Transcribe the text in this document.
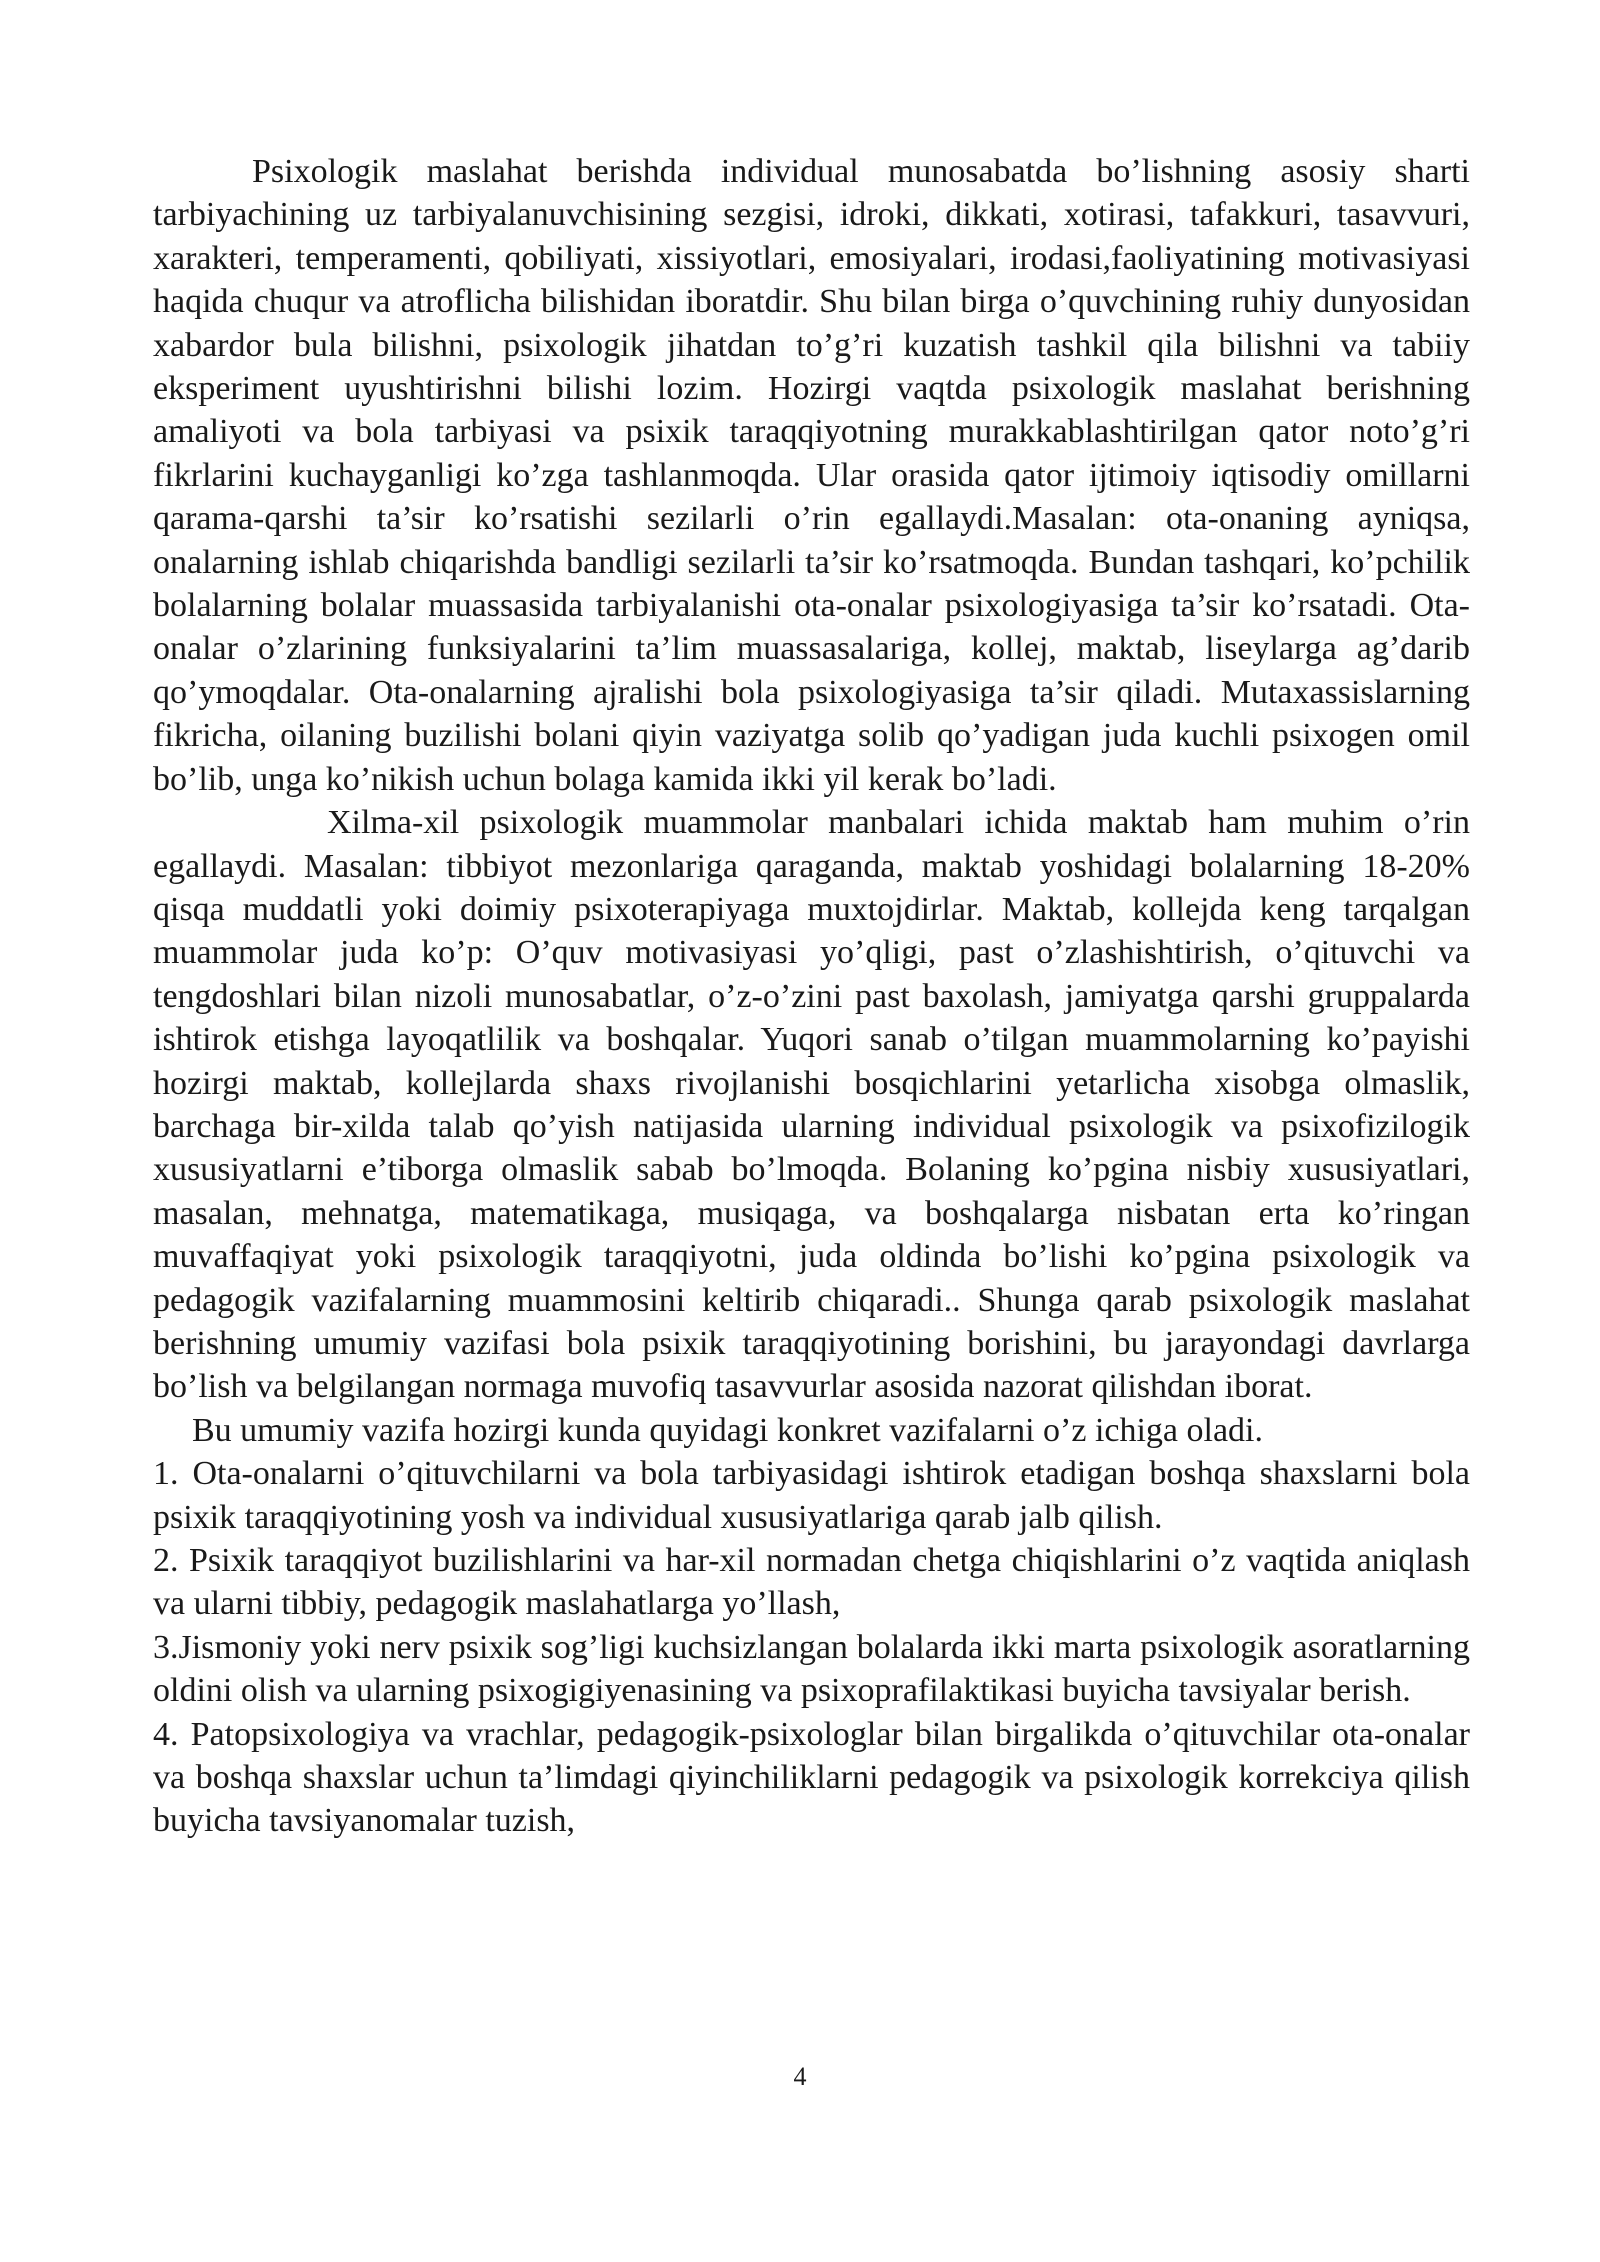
Psixologik maslahat berishda individual munosabatda bo’lishning asosiy sharti tarbiyachining uz tarbiyalanuvchisining sezgisi, idroki, dikkati, xotirasi, tafakkuri, tasavvuri, xarakteri, temperamenti, qobiliyati, xissiyotlari, emosiyalari, irodasi,faoliyatining motivasiyasi haqida chuqur va atroflicha bilishidan iboratdir. Shu bilan birga o’quvchining ruhiy dunyosidan xabardor bula bilishni, psixologik jihatdan to’g’ri kuzatish tashkil qila bilishni va tabiiy eksperiment uyushtirishni bilishi lozim. Hozirgi vaqtda psixologik maslahat berishning amaliyoti va bola tarbiyasi va psixik taraqqiyotning murakkablashtirilgan qator noto’g’ri fikrlarini kuchayganligi ko’zga tashlanmoqda. Ular orasida qator ijtimoiy iqtisodiy omillarni qarama-qarshi ta’sir ko’rsatishi sezilarli o’rin egallaydi.Masalan: ota-onaning ayniqsa, onalarning ishlab chiqarishda bandligi sezilarli ta’sir ko’rsatmoqda. Bundan tashqari, ko’pchilik bolalarning bolalar muassasida tarbiyalanishi ota-onalar psixologiyasiga ta’sir ko’rsatadi. Ota-onalar o’zlarining funksiyalarini ta’lim muassasalariga, kollej, maktab, liseylarga ag’darib qo’ymoqdalar. Ota-onalarning ajralishi bola psixologiyasiga ta’sir qiladi. Mutaxassislarning fikricha, oilaning buzilishi bolani qiyin vaziyatga solib qo’yadigan juda kuchli psixogen omil bo’lib, unga ko’nikish uchun bolaga kamida ikki yil kerak bo’ladi.

Xilma-xil psixologik muammolar manbalari ichida maktab ham muhim o’rin egallaydi. Masalan: tibbiyot mezonlariga qaraganda, maktab yoshidagi bolalarning 18-20% qisqa muddatli yoki doimiy psixoterapiyaga muxtojdirlar. Maktab, kollejda keng tarqalgan muammolar juda ko’p: O’quv motivasiyasi yo’qligi, past o’zlashishtirish, o’qituvchi va tengdoshlari bilan nizoli munosabatlar, o’z-o’zini past baxolash, jamiyatga qarshi gruppalarda ishtirok etishga layoqatlilik va boshqalar. Yuqori sanab o’tilgan muammolarning ko’payishi hozirgi maktab, kollejlarda shaxs rivojlanishi bosqichlarini yetarlicha xisobga olmaslik, barchaga bir-xilda talab qo’yish natijasida ularning individual psixologik va psixofizilogik xususiyatlarni e’tiborga olmaslik sabab bo’lmoqda. Bolaning ko’pgina nisbiy xususiyatlari, masalan, mehnatga, matematikaga, musiqaga, va boshqalarga nisbatan erta ko’ringan muvaffaqiyat yoki psixologik taraqqiyotni, juda oldinda bo’lishi ko’pgina psixologik va pedagogik vazifalarning muammosini keltirib chiqaradi.. Shunga qarab psixologik maslahat berishning umumiy vazifasi bola psixik taraqqiyotining borishini, bu jarayondagi davrlarga bo’lish va belgilangan normaga muvofiq tasavvurlar asosida nazorat qilishdan iborat.

Bu umumiy vazifa hozirgi kunda quyidagi konkret vazifalarni o’z ichiga oladi.

1. Ota-onalarni o’qituvchilarni va bola tarbiyasidagi ishtirok etadigan boshqa shaxslarni bola psixik taraqqiyotining yosh va individual xususiyatlariga qarab jalb qilish.

2. Psixik taraqqiyot buzilishlarini va har-xil normadan chetga chiqishlarini o’z vaqtida aniqlash va ularni tibbiy, pedagogik maslahatlarga yo’llash,

3.Jismoniy yoki nerv psixik sog’ligi kuchsizlangan bolalarda ikki marta psixologik asoratlarning oldini olish va ularning psixogigiyenasining va psixoprafilaktikasi buyicha tavsiyalar berish.

4. Patopsixologiya va vrachlar, pedagogik-psixologlar bilan birgalikda o’qituvchilar ota-onalar va boshqa shaxslar uchun ta’limdagi qiyinchiliklarni pedagogik va psixologik korrekciya qilish buyicha tavsiyanomalar tuzish,

4
